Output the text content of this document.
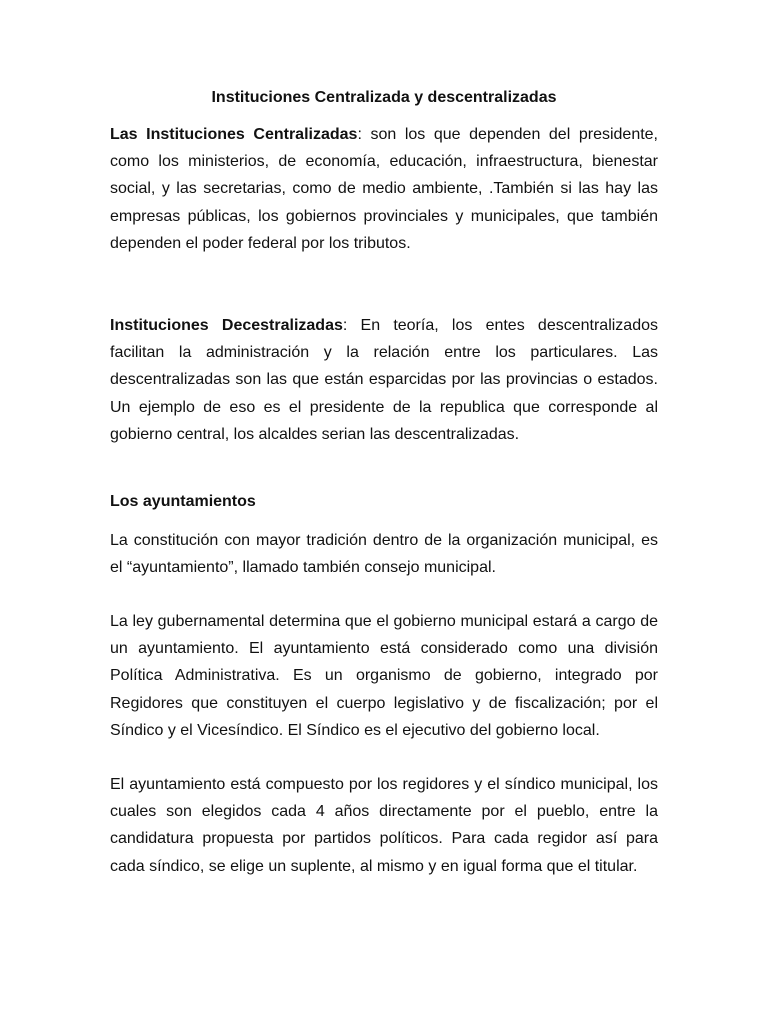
Instituciones Centralizada y descentralizadas

Las Instituciones Centralizadas: son los que dependen del presidente, como los ministerios, de economía, educación, infraestructura, bienestar social, y las secretarias, como de medio ambiente, .También si las hay las empresas públicas, los gobiernos provinciales y municipales, que también dependen el poder federal por los tributos.

Instituciones Decestralizadas: En teoría, los entes descentralizados facilitan la administración y la relación entre los particulares. Las descentralizadas son las que están esparcidas por las provincias o estados. Un ejemplo de eso es el presidente de la republica que corresponde al gobierno central, los alcaldes serian las descentralizadas.

Los ayuntamientos

La constitución con mayor tradición dentro de la organización municipal, es el “ayuntamiento”, llamado también consejo municipal.

La ley gubernamental determina que el gobierno municipal estará a cargo de un ayuntamiento. El ayuntamiento está considerado como una división Política Administrativa. Es un organismo de gobierno, integrado por Regidores que constituyen el cuerpo legislativo y de fiscalización; por el Síndico y el Vicesíndico. El Síndico es el ejecutivo del gobierno local.

El ayuntamiento está compuesto por los regidores y el síndico municipal, los cuales son elegidos cada 4 años directamente por el pueblo, entre la candidatura propuesta por partidos políticos. Para cada regidor así para cada síndico, se elige un suplente, al mismo y en igual forma que el titular.
